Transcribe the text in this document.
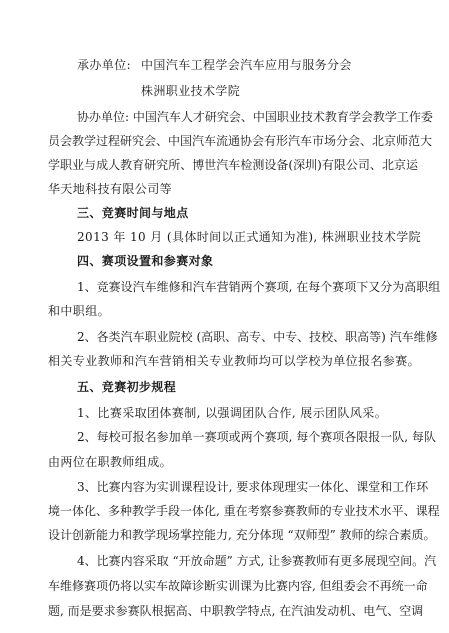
承办单位: 中国汽车工程学会汽车应用与服务分会
株洲职业技术学院
协办单位: 中国汽车人才研究会、中国职业技术教育学会教学工作委
员会教学过程研究会、中国汽车流通协会有形汽车市场分会、北京师范大
学职业与成人教育研究所、博世汽车检测设备(深圳)有限公司、北京运
华天地科技有限公司等
三、竞赛时间与地点
2013 年 10 月 (具体时间以正式通知为准), 株洲职业技术学院
四、赛项设置和参赛对象
1、竞赛设汽车维修和汽车营销两个赛项, 在每个赛项下又分为高职组
和中职组。
2、各类汽车职业院校 (高职、高专、中专、技校、职高等) 汽车维修
相关专业教师和汽车营销相关专业教师均可以学校为单位报名参赛。
五、竞赛初步规程
1、比赛采取团体赛制, 以强调团队合作, 展示团队风采。
2、每校可报名参加单一赛项或两个赛项, 每个赛项各限报一队, 每队
由两位在职教师组成。
3、比赛内容为实训课程设计, 要求体现理实一体化、课堂和工作环
境一体化、多种教学手段一体化, 重在考察参赛教师的专业技术水平、课程
设计创新能力和教学现场掌控能力, 充分体现 “双师型” 教师的综合素质。
4、比赛内容采取 “开放命题” 方式, 让参赛教师有更多展现空间。汽
车维修赛项仍将以实车故障诊断实训课为比赛内容, 但组委会不再统一命
题, 而是要求参赛队根据高、中职教学特点, 在汽油发动机、电气、空调
